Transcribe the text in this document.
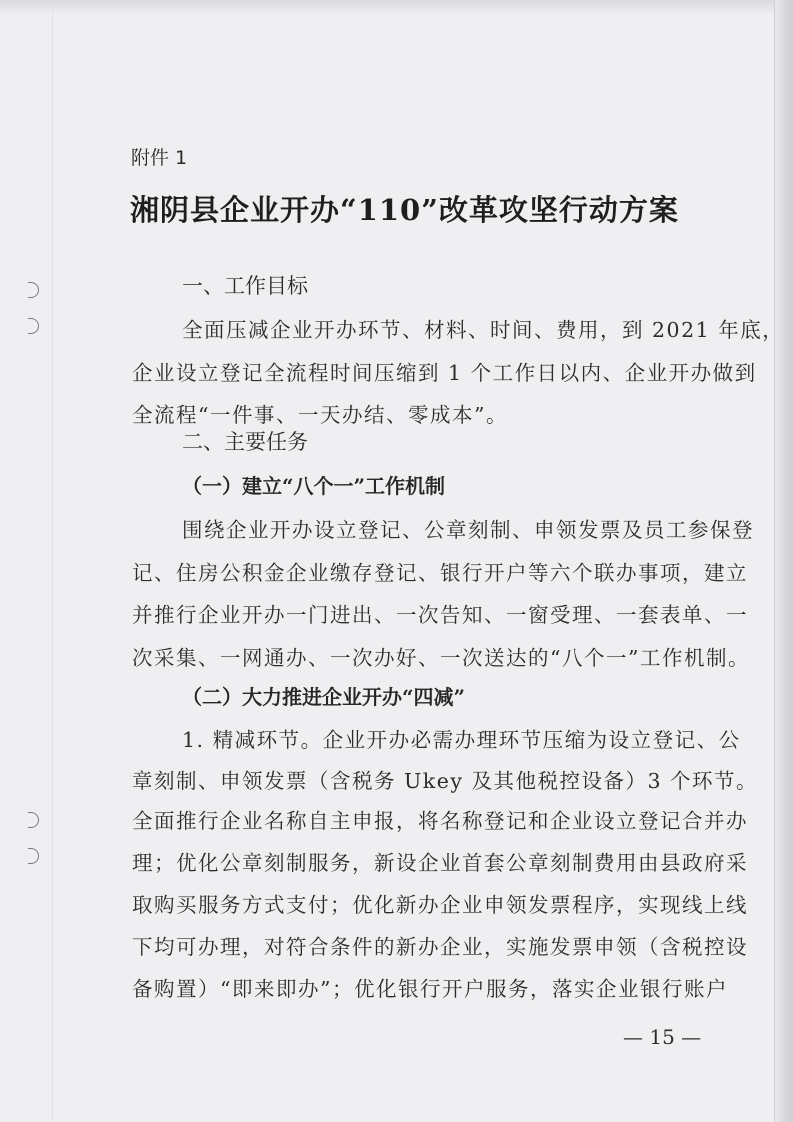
附件 1
湘阴县企业开办“110”改革攻坚行动方案
一、工作目标
全面压减企业开办环节、材料、时间、费用，到 2021 年底，
企业设立登记全流程时间压缩到 1 个工作日以内、企业开办做到
全流程“一件事、一天办结、零成本”。
二、主要任务
（一）建立“八个一”工作机制
围绕企业开办设立登记、公章刻制、申领发票及员工参保登
记、住房公积金企业缴存登记、银行开户等六个联办事项，建立
并推行企业开办一门进出、一次告知、一窗受理、一套表单、一
次采集、一网通办、一次办好、一次送达的“八个一”工作机制。
（二）大力推进企业开办“四减”
1. 精减环节。企业开办必需办理环节压缩为设立登记、公
章刻制、申领发票（含税务 Ukey 及其他税控设备）3 个环节。
全面推行企业名称自主申报，将名称登记和企业设立登记合并办
理；优化公章刻制服务，新设企业首套公章刻制费用由县政府采
取购买服务方式支付；优化新办企业申领发票程序，实现线上线
下均可办理，对符合条件的新办企业，实施发票申领（含税控设
备购置）“即来即办”；优化银行开户服务，落实企业银行账户
— 15 —
